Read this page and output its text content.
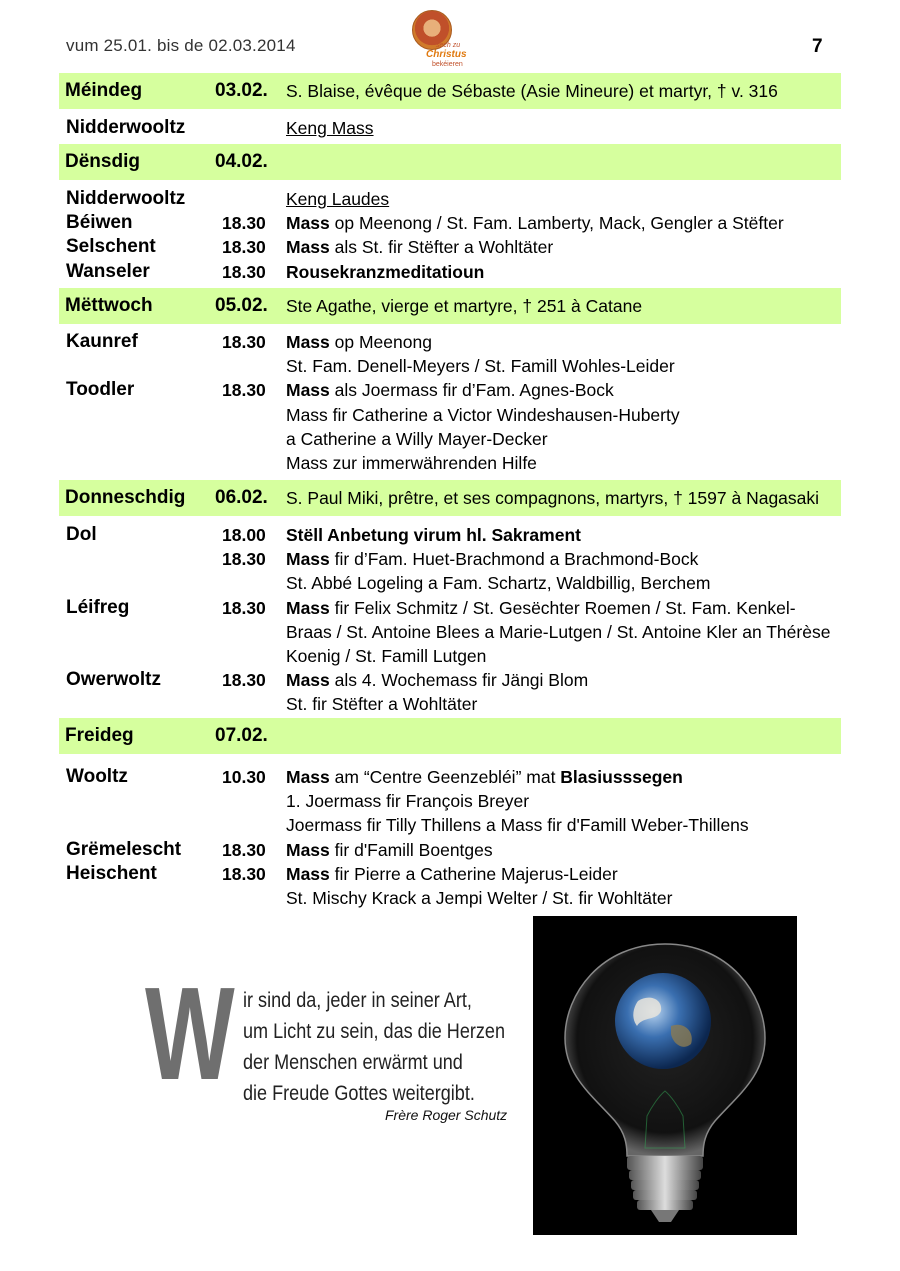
vum 25.01. bis de 02.03.2014	7
sech zu
Christus
bekéieren
Méindeg	03.02. S. Blaise, évêque de Sébaste (Asie Mineure) et martyr, † v. 316
Nidderwooltz	Keng Mass
Dënsdig	04.02.
Nidderwooltz	Keng Laudes
Béiwen	18.30 Mass op Meenong / St. Fam. Lamberty, Mack, Gengler a Stëfter
Selschent	18.30 Mass als St. fir Stëfter a Wohltäter
Wanseler	18.30 Rousekranzmeditatioun
Mëttwoch	05.02. Ste Agathe, vierge et martyre, † 251 à Catane
Kaunref	18.30 Mass op Meenong
St. Fam. Denell-Meyers / St. Famill Wohles-Leider
Toodler	18.30 Mass als Joermass fir d’Fam. Agnes-Bock
Mass fir Catherine a Victor Windeshausen-Huberty
a Catherine a Willy Mayer-Decker
Mass zur immerwährenden Hilfe
Donneschdig 06.02. S. Paul Miki, prêtre, et ses compagnons, martyrs, † 1597 à Nagasaki
Dol	18.00 Stëll Anbetung virum hl. Sakrament
18.30 Mass fir d’Fam. Huet-Brachmond a Brachmond-Bock
St. Abbé Logeling a Fam. Schartz, Waldbillig, Berchem
Léifreg	18.30 Mass fir Felix Schmitz / St. Gesëchter Roemen / St. Fam. Kenkel-
Braas / St. Antoine Blees a Marie-Lutgen / St. Antoine Kler an Thérèse
Koenig / St. Famill Lutgen
Owerwoltz	18.30 Mass als 4. Wochemass fir Jängi Blom
St. fir Stëfter a Wohltäter
Freideg	07.02.
Wooltz	10.30 Mass am “Centre Geenzebléi” mat Blasiusssegen
1. Joermass fir François Breyer
Joermass fir Tilly Thillens a Mass fir d'Famill Weber-Thillens
Grëmelescht 18.30 Mass fir d'Famill Boentges
Heischent	18.30 Mass fir Pierre a Catherine Majerus-Leider
St. Mischy Krack a Jempi Welter / St. fir Wohltäter
W ir sind da, jeder in seiner Art,
um Licht zu sein, das die Herzen
der Menschen erwärmt und
die Freude Gottes weitergibt.
Frère Roger Schutz
